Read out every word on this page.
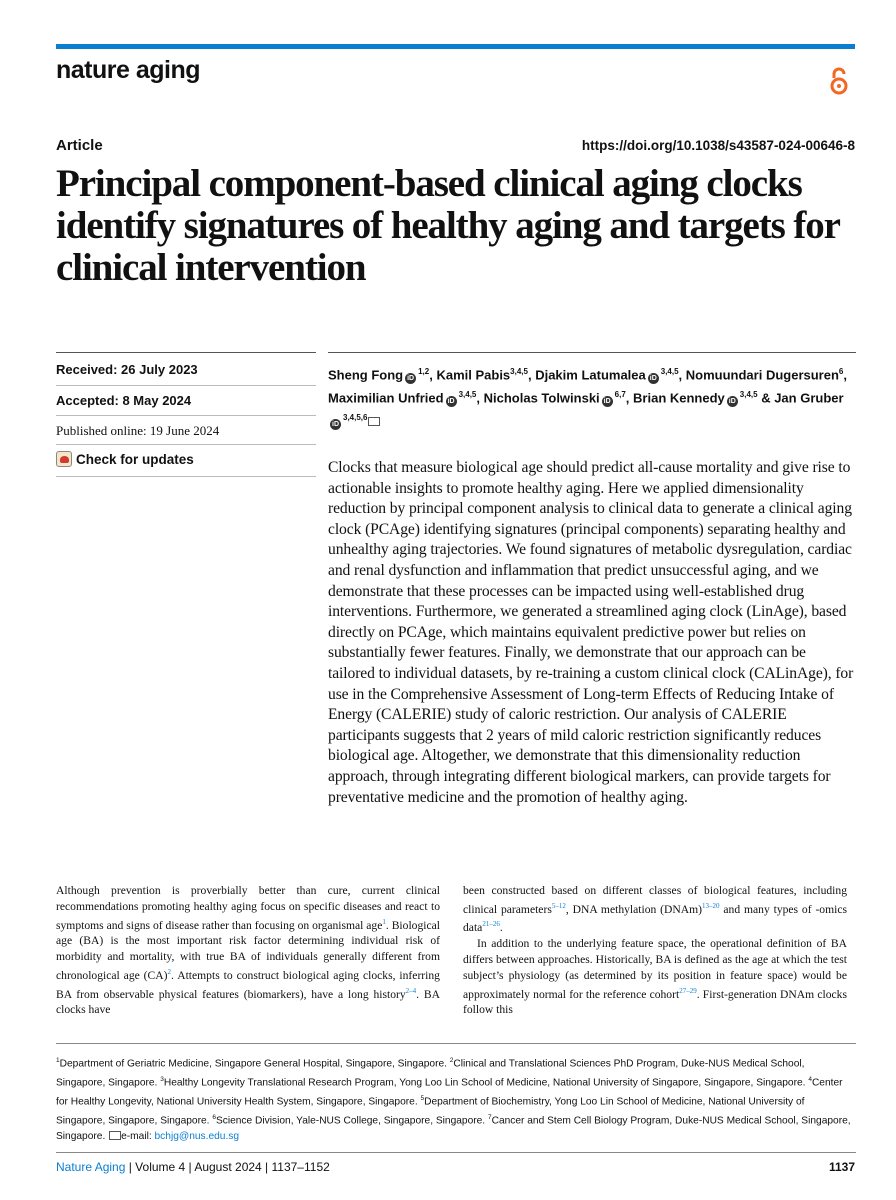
nature aging
Article	https://doi.org/10.1038/s43587-024-00646-8
Principal component-based clinical aging clocks identify signatures of healthy aging and targets for clinical intervention
Received: 26 July 2023
Accepted: 8 May 2024
Published online: 19 June 2024
Check for updates
Sheng Fong iD$^{1,2}$, Kamil Pabis$^{3,4,5}$, Djakim Latumalea iD$^{3,4,5}$, Nomuundari Dugersuren$^6$, Maximilian Unfried iD$^{3,4,5}$, Nicholas Tolwinski iD$^{6,7}$, Brian Kennedy iD$^{3,4,5}$ & Jan GruberiD$^{3,4,5,6}$
Clocks that measure biological age should predict all-cause mortality and give rise to actionable insights to promote healthy aging. Here we applied dimensionality reduction by principal component analysis to clinical data to generate a clinical aging clock (PCAge) identifying signatures (principal components) separating healthy and unhealthy aging trajectories. We found signatures of metabolic dysregulation, cardiac and renal dysfunction and inflammation that predict unsuccessful aging, and we demonstrate that these processes can be impacted using well-established drug interventions. Furthermore, we generated a streamlined aging clock (LinAge), based directly on PCAge, which maintains equivalent predictive power but relies on substantially fewer features. Finally, we demonstrate that our approach can be tailored to individual datasets, by re-training a custom clinical clock (CALinAge), for use in the Comprehensive Assessment of Long-term Effects of Reducing Intake of Energy (CALERIE) study of caloric restriction. Our analysis of CALERIE participants suggests that 2 years of mild caloric restriction significantly reduces biological age. Altogether, we demonstrate that this dimensionality reduction approach, through integrating different biological markers, can provide targets for preventative medicine and the promotion of healthy aging.

Although prevention is proverbially better than cure, current clinical recommendations promoting healthy aging focus on specific diseases and react to symptoms and signs of disease rather than focusing on organismal age$^1$. Biological age (BA) is the most important risk factor determining individual risk of morbidity and mortality, with true BA of individuals generally different from chronological age (CA)$^2$. Attempts to construct biological aging clocks, inferring BA from observable physical features (biomarkers), have a long history$^{2-4}$. BA clocks have

been constructed based on different classes of biological features, including clinical parameters$^{5-12}$, DNA methylation (DNAm)$^{13-20}$ and many types of -omics data$^{21-26}$.

In addition to the underlying feature space, the operational definition of BA differs between approaches. Historically, BA is defined as the age at which the test subject’s physiology (as determined by its position in feature space) would be approximately normal for the reference cohort$^{27-29}$. First-generation DNAm clocks follow this

$^1$Department of Geriatric Medicine, Singapore General Hospital, Singapore, Singapore. $^2$Clinical and Translational Sciences PhD Program, Duke-NUS Medical School, Singapore, Singapore. $^3$Healthy Longevity Translational Research Program, Yong Loo Lin School of Medicine, National University of Singapore, Singapore, Singapore. $^4$Center for Healthy Longevity, National University Health System, Singapore, Singapore. $^5$Department of Biochemistry, Yong Loo Lin School of Medicine, National University of Singapore, Singapore, Singapore. $^6$Science Division, Yale-NUS College, Singapore, Singapore. $^7$Cancer and Stem Cell Biology Program, Duke-NUS Medical School, Singapore, Singapore. e-mail: bchjg@nus.edu.sg
Nature Aging | Volume 4 | August 2024 | 1137–1152	1137
